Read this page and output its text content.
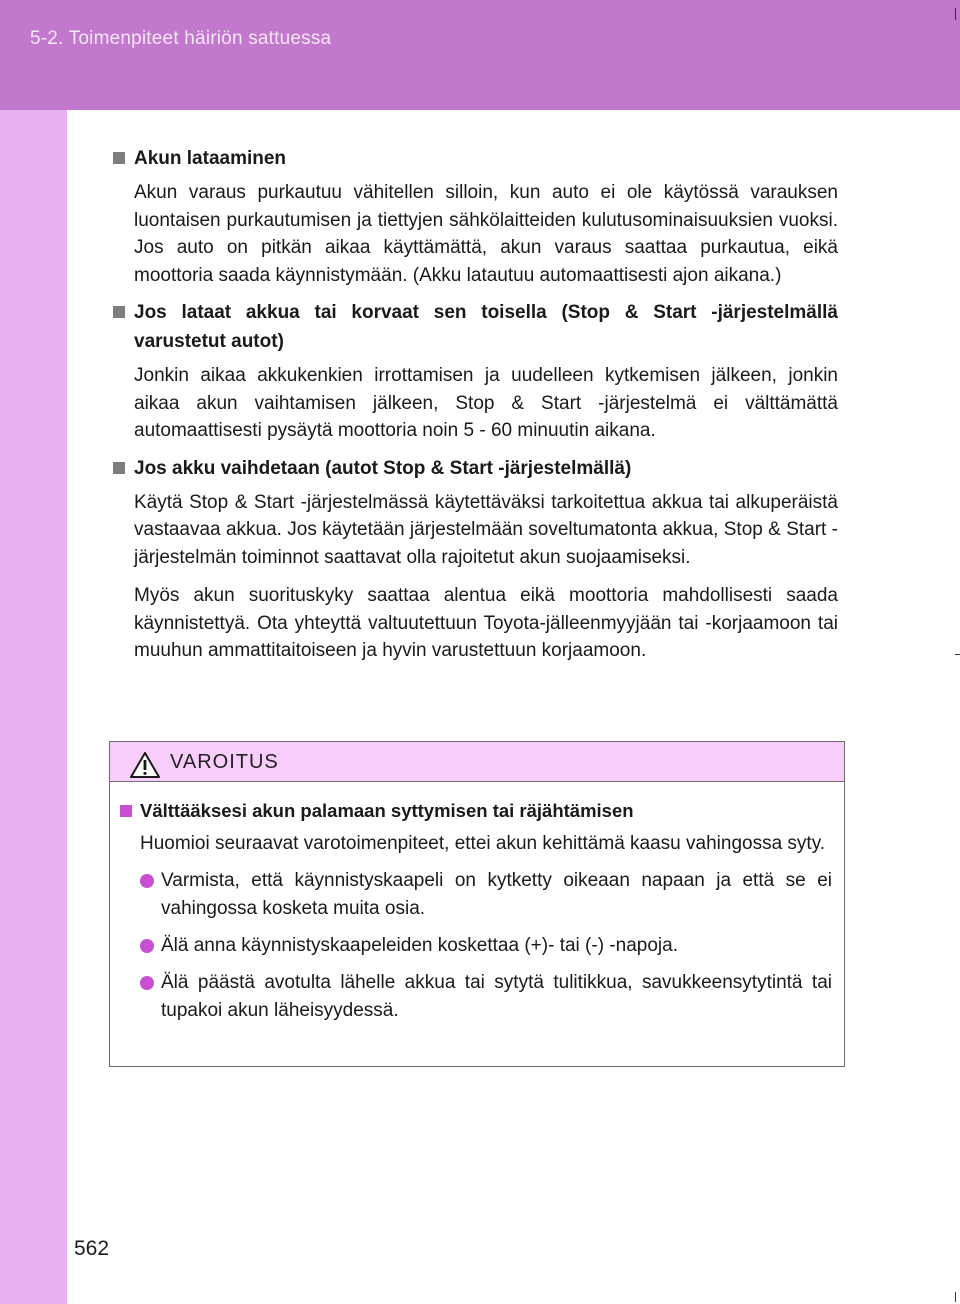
5-2. Toimenpiteet häiriön sattuessa
Akun lataaminen

Akun varaus purkautuu vähitellen silloin, kun auto ei ole käytössä varauksen luontaisen purkautumisen ja tiettyjen sähkölaitteiden kulutusominaisuuksien vuoksi. Jos auto on pitkän aikaa käyttämättä, akun varaus saattaa purkautua, eikä moottoria saada käynnistymään. (Akku latautuu automaattisesti ajon aikana.)

Jos lataat akkua tai korvaat sen toisella (Stop & Start -järjestelmällä varustetut autot)

Jonkin aikaa akkukenkien irrottamisen ja uudelleen kytkemisen jälkeen, jonkin aikaa akun vaihtamisen jälkeen, Stop & Start -järjestelmä ei välttämättä automaattisesti pysäytä moottoria noin 5 - 60 minuutin aikana.

Jos akku vaihdetaan (autot Stop & Start -järjestelmällä)

Käytä Stop & Start -järjestelmässä käytettäväksi tarkoitettua akkua tai alkuperäistä vastaavaa akkua. Jos käytetään järjestelmään soveltumatonta akkua, Stop & Start -järjestelmän toiminnot saattavat olla rajoitetut akun suojaamiseksi.

Myös akun suorituskyky saattaa alentua eikä moottoria mahdollisesti saada käynnistettyä. Ota yhteyttä valtuutettuun Toyota-jälleenmyyjään tai -korjaamoon tai muuhun ammattitaitoiseen ja hyvin varustettuun korjaamoon.

VAROITUS
Välttääksesi akun palamaan syttymisen tai räjähtämisen

Huomioi seuraavat varotoimenpiteet, ettei akun kehittämä kaasu vahingossa syty.

Varmista, että käynnistyskaapeli on kytketty oikeaan napaan ja että se ei vahingossa kosketa muita osia.
Älä anna käynnistyskaapeleiden koskettaa (+)- tai (-) -napoja.
Älä päästä avotulta lähelle akkua tai sytytä tulitikkua, savukkeensytytintä tai tupakoi akun läheisyydessä.
562
